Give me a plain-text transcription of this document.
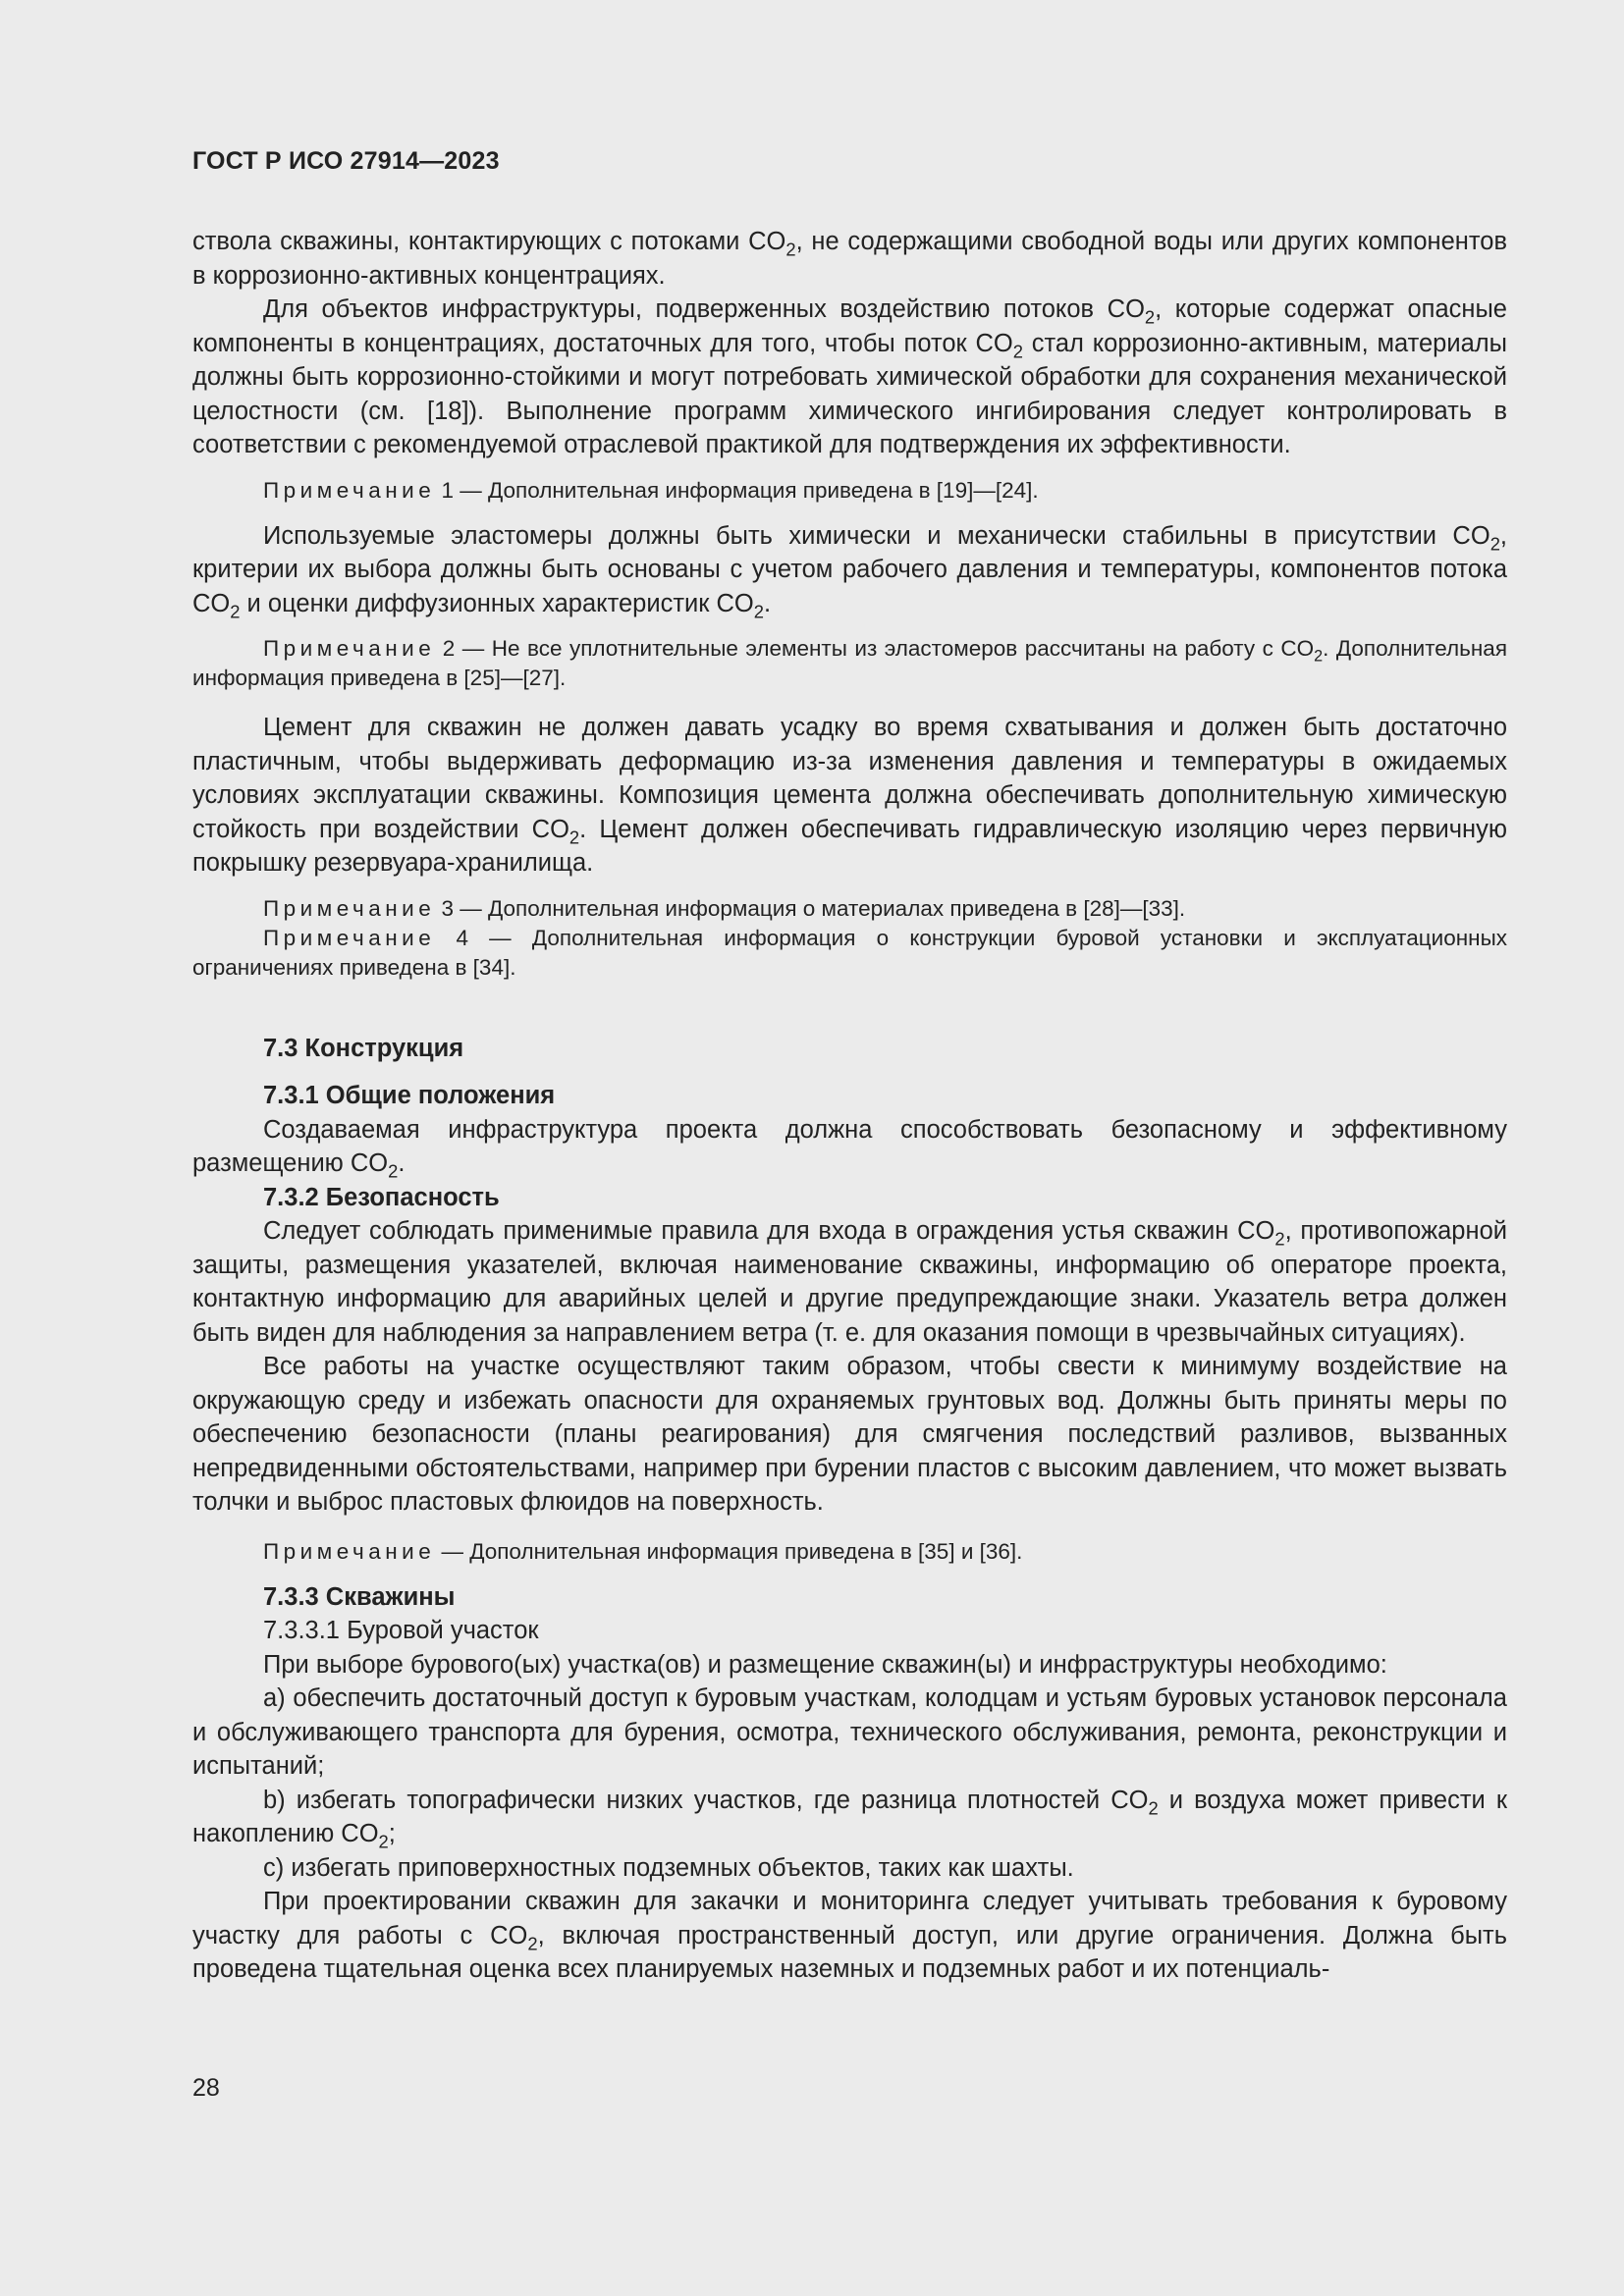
ГОСТ Р ИСО 27914—2023

ствола скважины, контактирующих с потоками $CO_2$, не содержащими свободной воды или других компонентов в коррозионно-активных концентрациях.

Для объектов инфраструктуры, подверженных воздействию потоков $CO_2$, которые содержат опасные компоненты в концентрациях, достаточных для того, чтобы поток $CO_2$ стал коррозионно-активным, материалы должны быть коррозионно-стойкими и могут потребовать химической обработки для сохранения механической целостности (см. [18]). Выполнение программ химического ингибирования следует контролировать в соответствии с рекомендуемой отраслевой практикой для подтверждения их эффективности.

Примечание 1 — Дополнительная информация приведена в [19]—[24].

Используемые эластомеры должны быть химически и механически стабильны в присутствии $CO_2$, критерии их выбора должны быть основаны с учетом рабочего давления и температуры, компонентов потока $CO_2$ и оценки диффузионных характеристик $CO_2$.

Примечание 2 — Не все уплотнительные элементы из эластомеров рассчитаны на работу с $CO_2$. Дополнительная информация приведена в [25]—[27].

Цемент для скважин не должен давать усадку во время схватывания и должен быть достаточно пластичным, чтобы выдерживать деформацию из-за изменения давления и температуры в ожидаемых условиях эксплуатации скважины. Композиция цемента должна обеспечивать дополнительную химическую стойкость при воздействии $CO_2$. Цемент должен обеспечивать гидравлическую изоляцию через первичную покрышку резервуара-хранилища.

Примечание 3 — Дополнительная информация о материалах приведена в [28]—[33].

Примечание 4 — Дополнительная информация о конструкции буровой установки и эксплуатационных ограничениях приведена в [34].

7.3 Конструкция

7.3.1 Общие положения

Создаваемая инфраструктура проекта должна способствовать безопасному и эффективному размещению $CO_2$.

7.3.2 Безопасность

Следует соблюдать применимые правила для входа в ограждения устья скважин $CO_2$, противопожарной защиты, размещения указателей, включая наименование скважины, информацию об операторе проекта, контактную информацию для аварийных целей и другие предупреждающие знаки. Указатель ветра должен быть виден для наблюдения за направлением ветра (т. е. для оказания помощи в чрезвычайных ситуациях).

Все работы на участке осуществляют таким образом, чтобы свести к минимуму воздействие на окружающую среду и избежать опасности для охраняемых грунтовых вод. Должны быть приняты меры по обеспечению безопасности (планы реагирования) для смягчения последствий разливов, вызванных непредвиденными обстоятельствами, например при бурении пластов с высоким давлением, что может вызвать толчки и выброс пластовых флюидов на поверхность.

Примечание — Дополнительная информация приведена в [35] и [36].

7.3.3 Скважины

7.3.3.1 Буровой участок

При выборе бурового(ых) участка(ов) и размещение скважин(ы) и инфраструктуры необходимо:

a) обеспечить достаточный доступ к буровым участкам, колодцам и устьям буровых установок персонала и обслуживающего транспорта для бурения, осмотра, технического обслуживания, ремонта, реконструкции и испытаний;

b) избегать топографически низких участков, где разница плотностей $CO_2$ и воздуха может привести к накоплению $CO_2$;

c) избегать приповерхностных подземных объектов, таких как шахты.

При проектировании скважин для закачки и мониторинга следует учитывать требования к буровому участку для работы с $CO_2$, включая пространственный доступ, или другие ограничения. Должна быть проведена тщательная оценка всех планируемых наземных и подземных работ и их потенциаль-

28
